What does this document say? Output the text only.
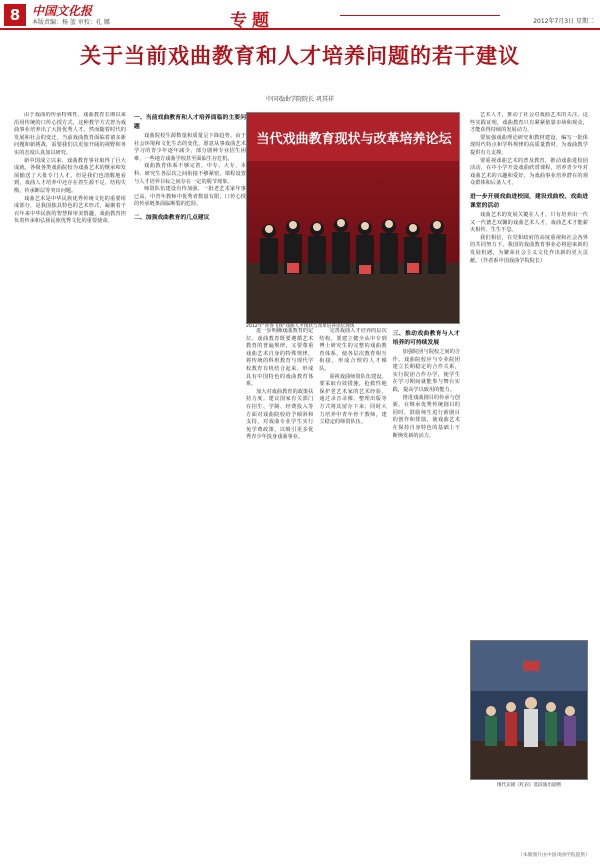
8 中国文化报
本版责编：杨 蓝 审校：孔 娜	专题	2012年7月3日 星期二
关于当前戏曲教育和人才培养问题的若干建议
中国戏曲学院院长 巩其祥

由于戏曲的传承特殊性，戏曲教育长期以来沿用传统的口传心授方式，这种教学方式曾为戏曲事业培养出了大批优秀人才。然而随着时代的发展和社会的变迁，当前戏曲教育面临着诸多新问题和新挑战，需要我们以更加开阔的视野和务实的态度认真加以研究。

新中国成立以来，戏曲教育事业取得了巨大成就，各级各类戏曲院校为戏曲艺术的继承和发展输送了大批专门人才。但是我们也清醒地看到，戏曲人才培养中还存在着生源不足、结构失衡、传承断层等突出问题。

戏曲艺术是中华民族优秀传统文化的重要组成部分，是我国独具特色的艺术形式，凝聚着千百年来中华民族的智慧和审美情趣。戏曲教育担负着传承和弘扬民族优秀文化的重要使命。

一、当前戏曲教育和人才培养面临的主要问题

戏曲院校生源数量和质量呈下降趋势。由于社会环境和文化生态的变化，愿意从事戏曲艺术学习的青少年逐年减少，部分剧种专业招生困难，一些地方戏曲学校甚至面临生存危机。

戏曲教育体系不够完善，中专、大专、本科、研究生各层次之间衔接不够紧密，课程设置与人才培养目标之间存在一定的脱节现象。

师资队伍建设有待加强，一批老艺术家年事已高，中青年教师中优秀者数量有限，口传心授的传承链条面临断裂的危险。

二、加强戏曲教育的几点建议
当代戏曲教育现状与改革培养论坛
2012年“青春飞扬”戏曲人才现状与改革培养论坛现场

进一步明确戏曲教育的定位。戏曲教育既要遵循艺术教育的普遍规律，又要尊重戏曲艺术自身的特殊规律，将传统的科班教育与现代学校教育有机结合起来，形成具有中国特色的戏曲教育体系。

加大对戏曲教育的政策扶持力度。建议国家有关部门在招生、学制、经费投入等方面对戏曲院校给予倾斜和支持，对戏曲专业学生实行免学费政策，以吸引更多优秀青少年投身戏曲事业。

完善戏曲人才培养的层次结构。要建立健全从中专到博士研究生的完整的戏曲教育体系，使各层次教育相互衔接，形成合理的人才梯队。

重视戏曲师资队伍建设。要采取有效措施，抢救性地保护老艺术家的艺术经验，通过录音录像、整理出版等方式将其留存下来；同时大力培养中青年骨干教师，建立稳定的师资队伍。

三、推动戏曲教育与人才培养的可持续发展

加强院团与院校之间的合作。戏曲院校应与专业院团建立长期稳定的合作关系，实行院团合作办学，使学生在学习期间就能参与舞台实践，提高学以致用的能力。

推进戏曲剧目的传承与创新。在继承优秀传统剧目的同时，鼓励师生进行新剧目的创作和排演，使戏曲艺术在保持自身特色的基础上不断焕发新的活力。

艺术人才，推动了社会对戏曲艺术的关注。这些实践证明，戏曲教育只有紧紧依靠市场和观众，才能获得持续的发展动力。

要加强戏曲理论研究和教材建设，编写一批体现时代特点和学科规律的高质量教材，为戏曲教学提供有力支撑。

要重视戏曲艺术的普及教育，推动戏曲进校园活动，在中小学开设戏曲欣赏课程，培养青少年对戏曲艺术的兴趣和爱好，为戏曲事业培养潜在的观众群体和后备人才。

进一步开展戏曲进校园，建设戏曲校、戏曲进课堂的活动

戏曲艺术的发展关键在人才。只有培养出一代又一代德艺双馨的戏曲艺术人才，戏曲艺术才能薪火相传、生生不息。

我们相信，在党和政府的高度重视和社会各界的共同努力下，我国的戏曲教育事业必将迎来新的发展机遇，为繁荣社会主义文化作出新的更大贡献。（作者系中国戏曲学院院长）

现代京剧《红岩》选段演出剧照
（本版图片由中国戏曲学院提供）
